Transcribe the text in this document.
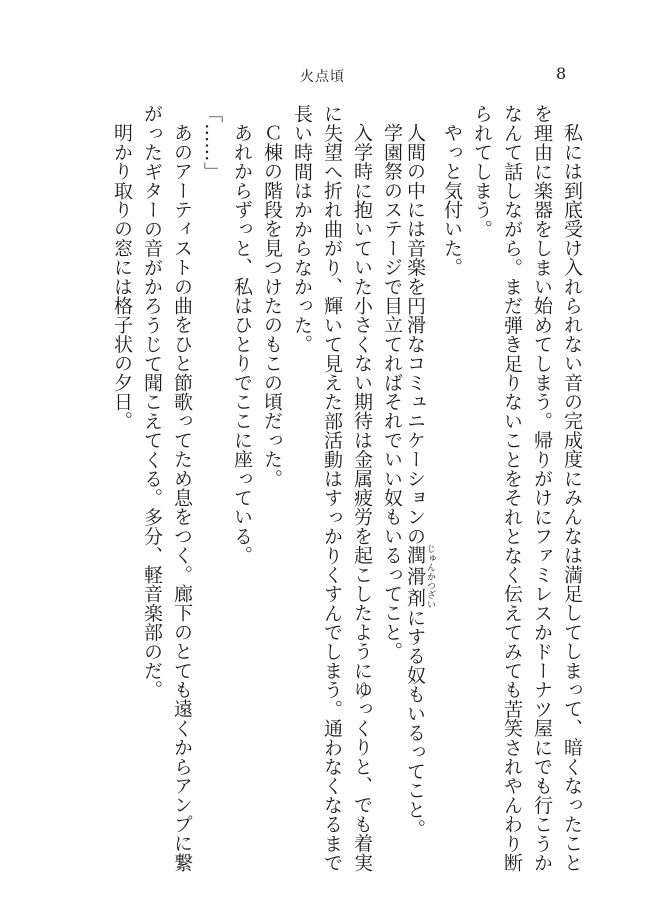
火点頃	8
私には到底受け入れられない音の完成度にみんなは満足してしまって、暗くなったこと
を理由に楽器をしまい始めてしまう。帰りがけにファミレスかドーナツ屋にでも行こうか
なんて話しながら。まだ弾き足りないことをそれとなく伝えてみても苦笑されやんわり断
られてしまう。
やっと気付いた。
人間の中には音楽を円滑なコミュニケーションの潤滑剤 じゅんかつざいにする奴もいるってこと。
学園祭のステージで目立てればそれでいい奴もいるってこと。
入学時に抱いていた小さくない期待は金属疲労を起こしたようにゆっくりと、でも着実
に失望へ折れ曲がり、輝いて見えた部活動はすっかりくすんでしまう。通わなくなるまで
長い時間はかからなかった。
Ｃ棟の階段を見つけたのもこの頃だった。
あれからずっと、私はひとりでここに座っている。
「……」
あのアーティストの曲をひと節歌ってため息をつく。廊下のとても遠くからアンプに繋
がったギターの音がかろうじて聞こえてくる。多分、軽音楽部のだ。
明かり取りの窓には格子状の夕日。
